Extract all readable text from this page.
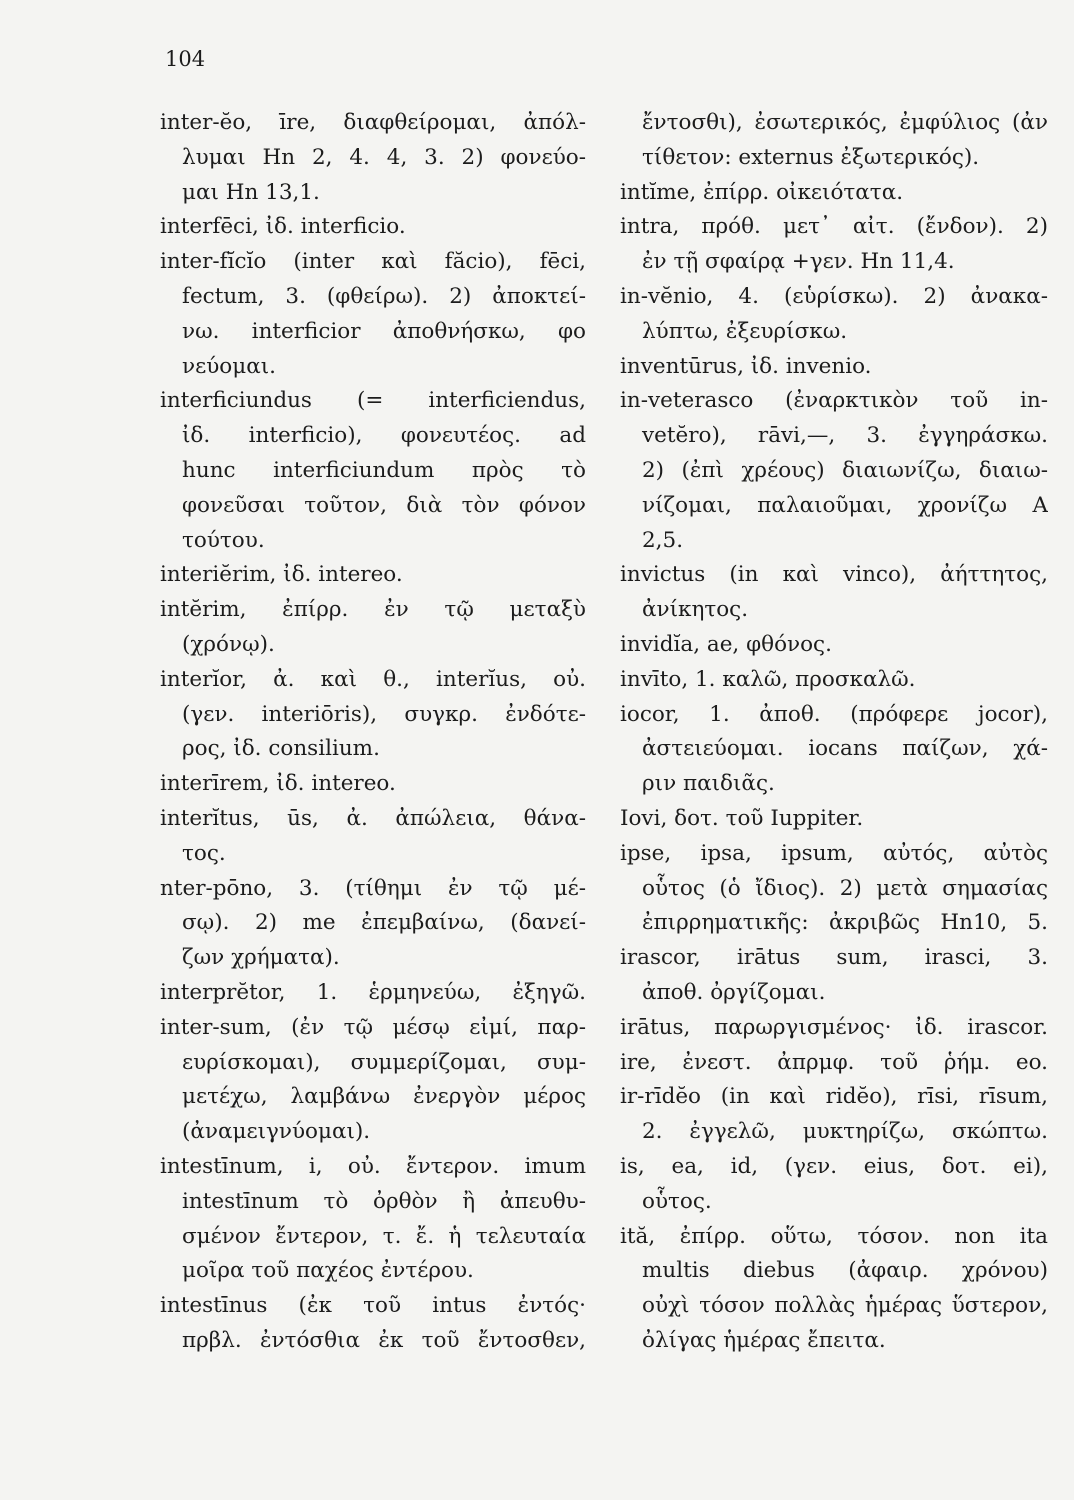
104
inter-ĕo, īre, διαφθείρομαι, ἀπόλ-
λυμαι Hn 2, 4. 4, 3. 2) φονεύο-
μαι Hn 13,1.
interfēci, ἰδ. interficio.
inter-fĭcĭo (inter καὶ făcio), fēci,
fectum, 3. (φθείρω). 2) ἀποκτεί-
νω. interficior ἀποθνήσκω, φο
νεύομαι.
interficiundus (= interficiendus,
ἰδ. interficio), φονευτέος. ad
hunc interficiundum πρὸς τὸ
φονεῦσαι τοῦτον, διὰ τὸν φόνον
τούτου.
interiĕrim, ἰδ. intereo.
intĕrim, ἐπίρρ. ἐν τῷ μεταξὺ
(χρόνῳ).
interĭor, ἀ. καὶ θ., interĭus, οὐ.
(γεν. interiōris), συγκρ. ἐνδότε-
ρος, ἰδ. consilium.
interīrem, ἰδ. intereo.
interĭtus, ūs, ἀ. ἀπώλεια, θάνα-
τος.
nter-pōno, 3. (τίθημι ἐν τῷ μέ-
σῳ). 2) me ἐπεμβαίνω, (δανεί-
ζων χρήματα).
interprĕtor, 1. ἑρμηνεύω, ἐξηγῶ.
inter-sum, (ἐν τῷ μέσῳ εἰμί, παρ-
ευρίσκομαι), συμμερίζομαι, συμ-
μετέχω, λαμβάνω ἐνεργὸν μέρος
(ἀναμειγνύομαι).
intestīnum, i, οὐ. ἔντερον. imum
intestīnum τὸ ὀρθὸν ἢ ἀπευθυ-
σμένον ἔντερον, τ. ἔ. ἡ τελευταία
μοῖρα τοῦ παχέος ἐντέρου.
intestīnus (ἐκ τοῦ intus ἐντός·
πρβλ. ἐντόσθια ἐκ τοῦ ἔντοσθεν,
ἔντοσθι), ἐσωτερικός, ἐμφύλιος (ἀν
τίθετον: externus ἐξωτερικός).
intĭme, ἐπίρρ. οἰκειότατα.
intra, πρόθ. μετ᾽ αἰτ. (ἔνδον). 2)
ἐν τῇ σφαίρᾳ +γεν. Hn 11,4.
in-vĕnio, 4. (εὑρίσκω). 2) ἀνακα-
λύπτω, ἐξευρίσκω.
inventūrus, ἰδ. invenio.
in-veterasco (ἐναρκτικὸν τοῦ in-
vetĕro), rāvi,—, 3. ἐγγηράσκω.
2) (ἐπὶ χρέους) διαιωνίζω, διαιω-
νίζομαι, παλαιοῦμαι, χρονίζω A
2,5.
invictus (in καὶ vinco), ἀήττητος,
ἀνίκητος.
invidĭa, ae, φθόνος.
invīto, 1. καλῶ, προσκαλῶ.
iocor, 1. ἀποθ. (πρόφερε jocor),
ἀστειεύομαι. iocans παίζων, χά-
ριν παιδιᾶς.
Iovi, δοτ. τοῦ Iuppiter.
ipse, ipsa, ipsum, αὐτός, αὐτὸς
οὗτος (ὁ ἴδιος). 2) μετὰ σημασίας
ἐπιρρηματικῆς: ἀκριβῶς Hn10, 5.
irascor, irātus sum, irasci, 3.
ἀποθ. ὀργίζομαι.
irātus, παρωργισμένος· ἰδ. irascor.
ire, ἐνεστ. ἀπρμφ. τοῦ ῥήμ. eo.
ir-rīdĕo (in καὶ ridĕo), rīsi, rīsum,
2. ἐγγελῶ, μυκτηρίζω, σκώπτω.
is, ea, id, (γεν. eius, δοτ. ei),
οὗτος.
ită, ἐπίρρ. οὕτω, τόσον. non ita
multis diebus (ἀφαιρ. χρόνου)
οὐχὶ τόσον πολλὰς ἡμέρας ὕστερον,
ὀλίγας ἡμέρας ἔπειτα.
